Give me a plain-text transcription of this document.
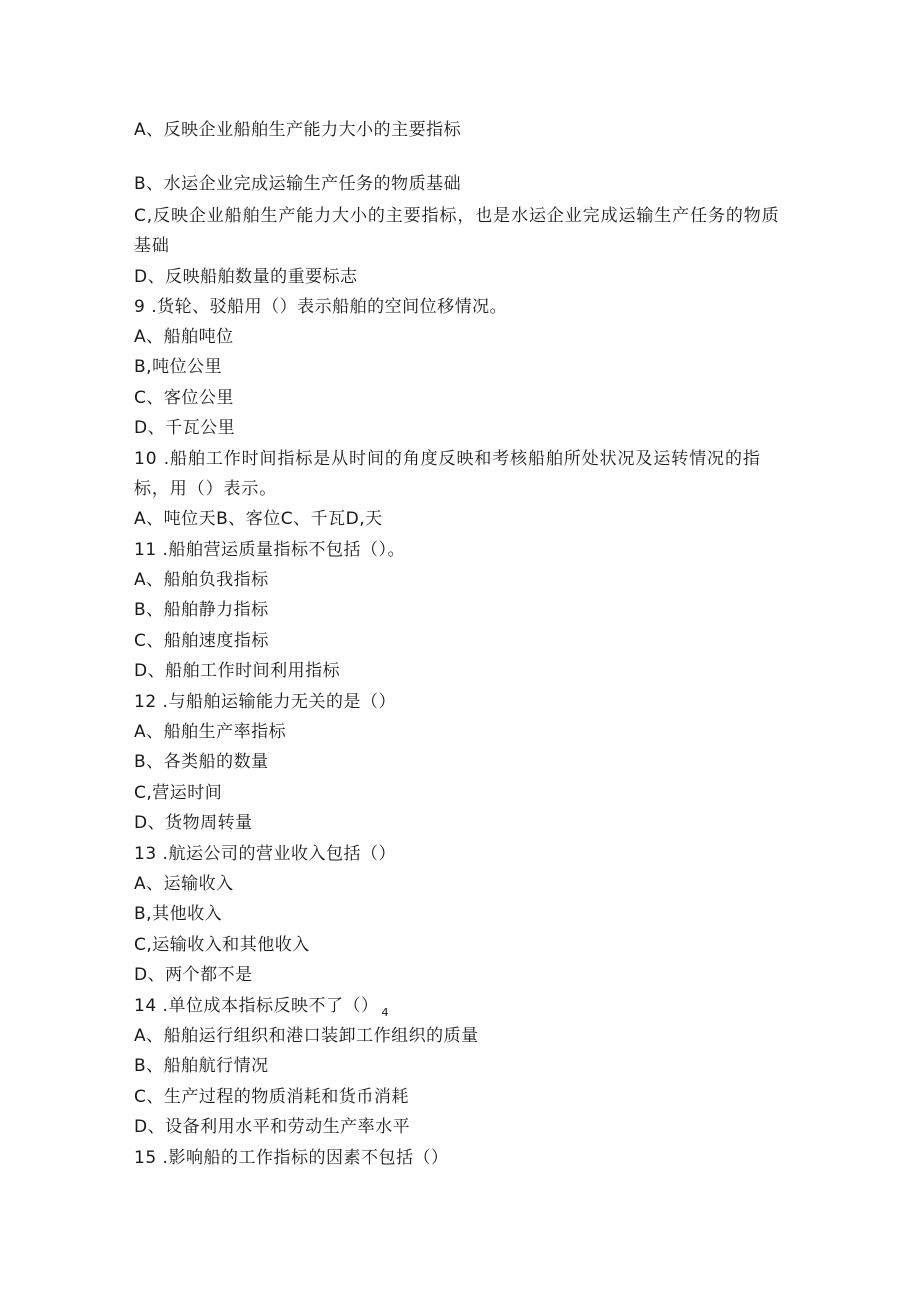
A、反映企业船舶生产能力大小的主要指标
B、水运企业完成运输生产任务的物质基础
C,反映企业船舶生产能力大小的主要指标，也是水运企业完成运输生产任务的物质基础
D、反映船舶数量的重要标志
9 .货轮、驳船用（）表示船舶的空间位移情况。
A、船舶吨位
B,吨位公里
C、客位公里
D、千瓦公里
10 .船舶工作时间指标是从时间的角度反映和考核船舶所处状况及运转情况的指标，用（）表示。
A、吨位天B、客位C、千瓦D,天
11 .船舶营运质量指标不包括（）。
A、船舶负我指标
B、船舶静力指标
C、船舶速度指标
D、船舶工作时间利用指标
12 .与船舶运输能力无关的是（）
A、船舶生产率指标
B、各类船的数量
C,营运时间
D、货物周转量
13 .航运公司的营业收入包括（）
A、运输收入
B,其他收入
C,运输收入和其他收入
D、两个都不是
14 .单位成本指标反映不了（） $_4$
A、船舶运行组织和港口装卸工作组织的质量
B、船舶航行情况
C、生产过程的物质消耗和货币消耗
D、设备利用水平和劳动生产率水平
15 .影响船的工作指标的因素不包括（）
